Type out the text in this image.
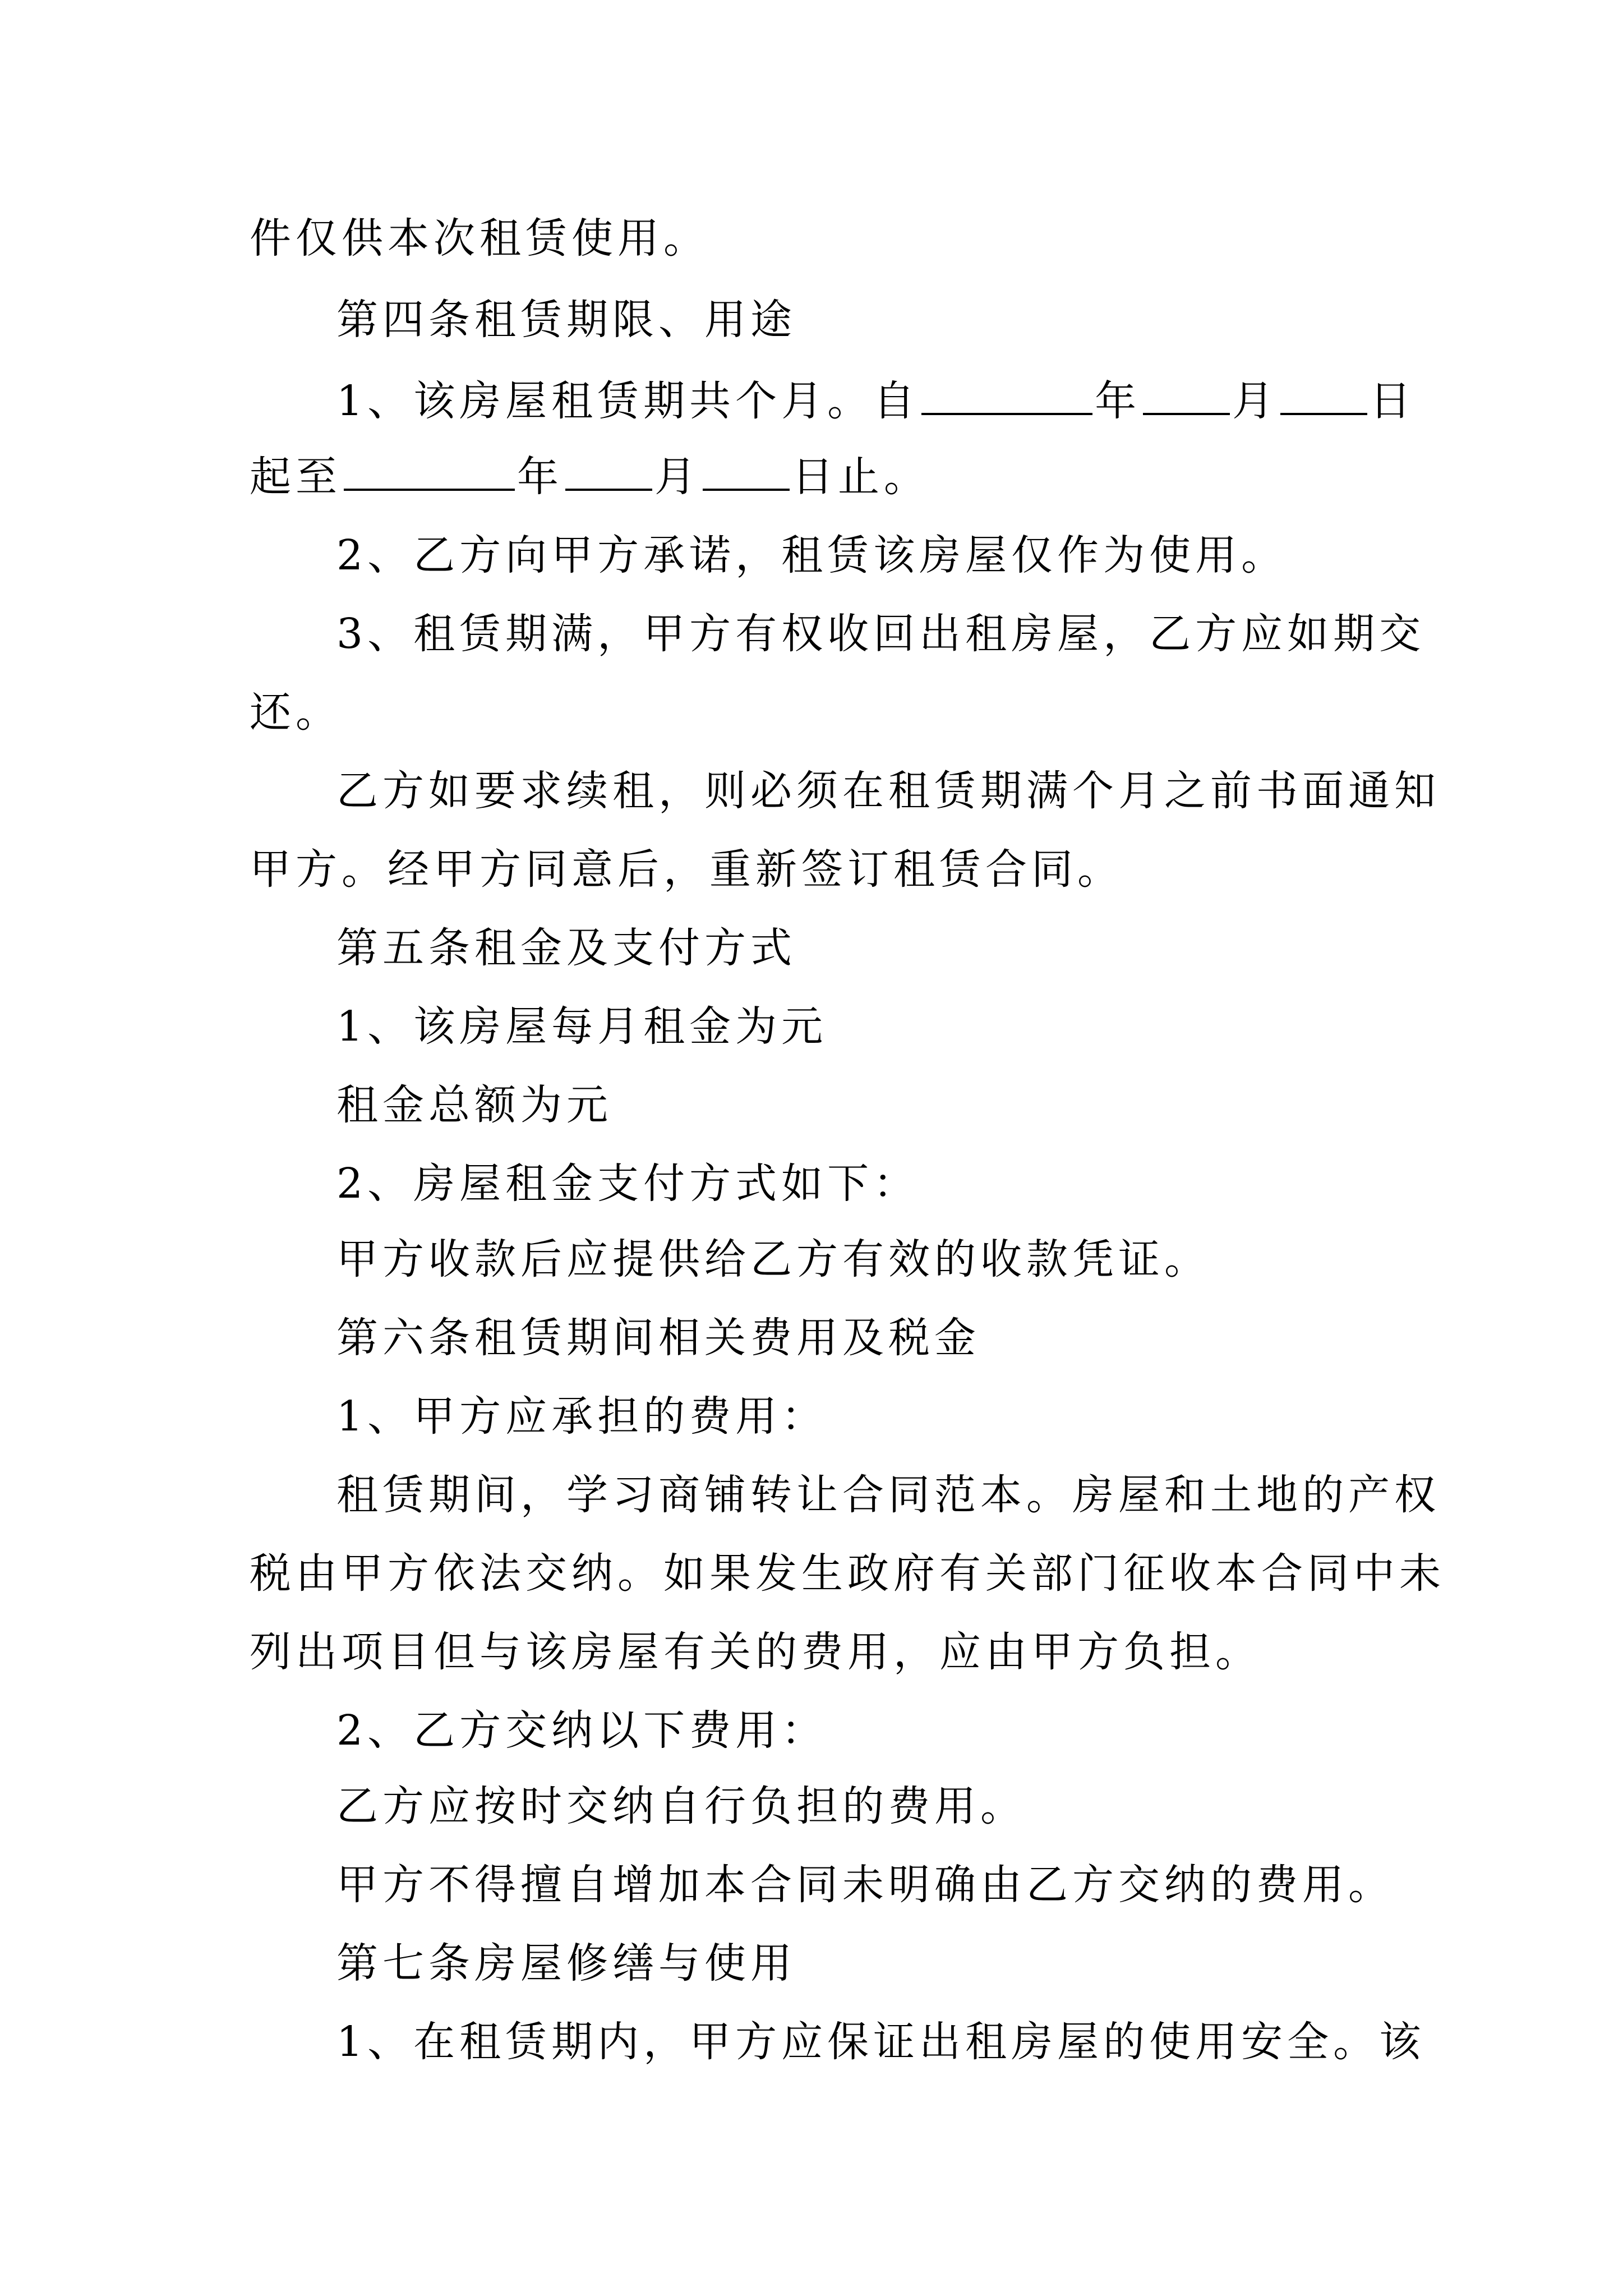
件仅供本次租赁使用。

第四条租赁期限、用途

1、该房屋租赁期共个月。自	年 月 日

起至	年 月 日止。

2、乙方向甲方承诺，租赁该房屋仅作为使用。

3、租赁期满，甲方有权收回出租房屋，乙方应如期交

还。

乙方如要求续租，则必须在租赁期满个月之前书面通知

甲方。经甲方同意后，重新签订租赁合同。

第五条租金及支付方式

1、该房屋每月租金为元

租金总额为元

2、房屋租金支付方式如下：

甲方收款后应提供给乙方有效的收款凭证。

第六条租赁期间相关费用及税金

1、甲方应承担的费用：

租赁期间，学习商铺转让合同范本。房屋和土地的产权

税由甲方依法交纳。如果发生政府有关部门征收本合同中未

列出项目但与该房屋有关的费用，应由甲方负担。

2、乙方交纳以下费用：

乙方应按时交纳自行负担的费用。

甲方不得擅自增加本合同未明确由乙方交纳的费用。

第七条房屋修缮与使用

1、在租赁期内，甲方应保证出租房屋的使用安全。该
